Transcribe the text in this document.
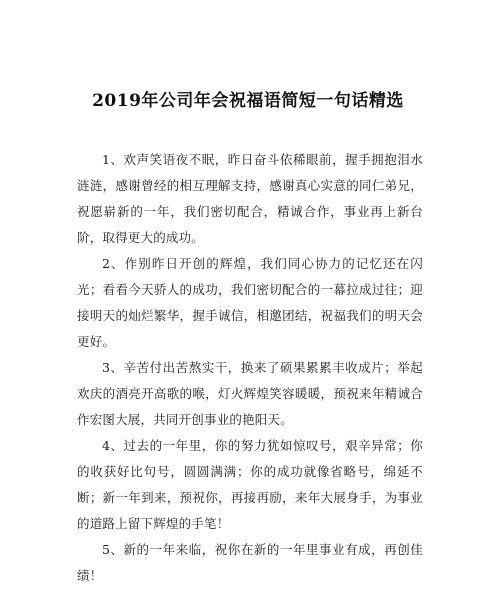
2019年公司年会祝福语简短一句话精选

1、欢声笑语夜不眠，昨日奋斗依稀眼前，握手拥抱泪水涟涟，感谢曾经的相互理解支持，感谢真心实意的同仁弟兄，祝愿崭新的一年，我们密切配合，精诚合作，事业再上新台阶，取得更大的成功。

2、作别昨日开创的辉煌，我们同心协力的记忆还在闪光；看看今天骄人的成功，我们密切配合的一幕拉成过往；迎接明天的灿烂繁华，握手诚信，相邀团结，祝福我们的明天会更好。

3、辛苦付出苦熬实干，换来了硕果累累丰收成片；举起欢庆的酒亮开高歌的喉，灯火辉煌笑容暖暖，预祝来年精诚合作宏图大展，共同开创事业的艳阳天。

4、过去的一年里，你的努力犹如惊叹号，艰辛异常；你的收获好比句号，圆圆满满；你的成功就像省略号，绵延不断；新一年到来，预祝你，再接再励，来年大展身手，为事业的道路上留下辉煌的手笔！

5、新的一年来临，祝你在新的一年里事业有成，再创佳绩！
